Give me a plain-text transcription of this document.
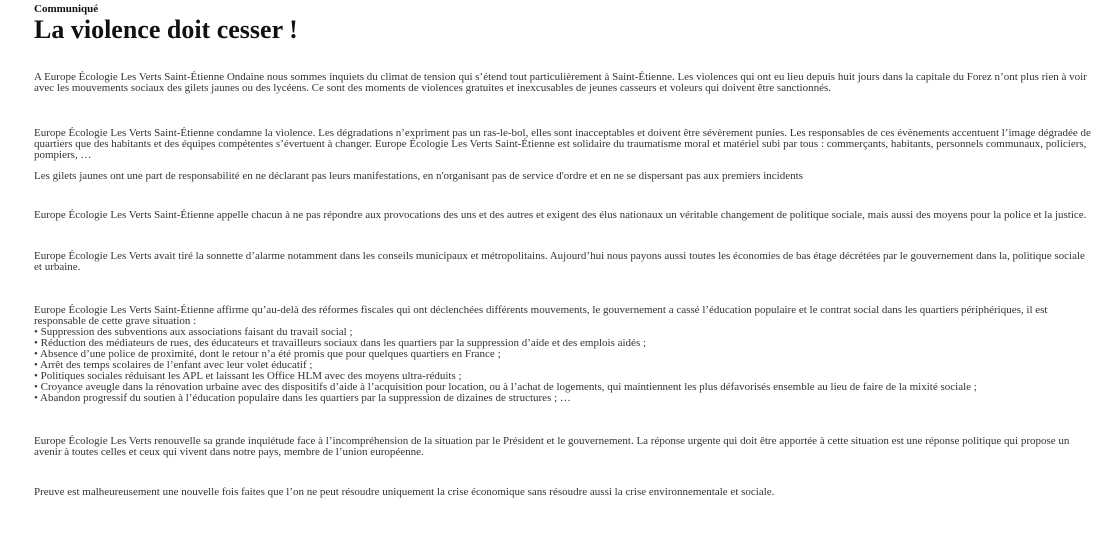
Communiqué

La violence doit cesser !

A Europe Écologie Les Verts Saint-Étienne Ondaine nous sommes inquiets du climat de tension qui s’étend tout particulièrement à Saint-Étienne. Les violences qui ont eu lieu depuis huit jours dans la capitale du Forez n’ont plus rien à voir avec les mouvements sociaux des gilets jaunes ou des lycéens. Ce sont des moments de violences gratuites et inexcusables de jeunes casseurs et voleurs qui doivent être sanctionnés.

Europe Écologie Les Verts Saint-Étienne condamne la violence. Les dégradations n’expriment pas un ras-le-bol, elles sont inacceptables et doivent être sévèrement punies. Les responsables de ces évènements accentuent l’image dégradée de quartiers que des habitants et des équipes compétentes s’évertuent à changer. Europe Écologie Les Verts Saint-Étienne est solidaire du traumatisme moral et matériel subi par tous : commerçants, habitants, personnels communaux, policiers, pompiers, …

Les gilets jaunes ont une part de responsabilité en ne déclarant pas leurs manifestations, en n'organisant pas de service d'ordre et en ne se dispersant pas aux premiers incidents

Europe Écologie Les Verts Saint-Étienne appelle chacun à ne pas répondre aux provocations des uns et des autres et exigent des élus nationaux un véritable changement de politique sociale, mais aussi des moyens pour la police et la justice.

Europe Écologie Les Verts avait tiré la sonnette d’alarme notamment dans les conseils municipaux et métropolitains. Aujourd’hui nous payons aussi toutes les économies de bas étage décrétées par le gouvernement dans la, politique sociale et urbaine.

Europe Écologie Les Verts Saint-Étienne affirme qu’au-delà des réformes fiscales qui ont déclenchées différents mouvements, le gouvernement a cassé l’éducation populaire et le contrat social dans les quartiers périphériques, il est responsable de cette grave situation :

• Suppression des subventions aux associations faisant du travail social ;
• Réduction des médiateurs de rues, des éducateurs et travailleurs sociaux dans les quartiers par la suppression d’aide et des emplois aidés ;
• Absence d’une police de proximité, dont le retour n’a été promis que pour quelques quartiers en France ;
• Arrêt des temps scolaires de l’enfant avec leur volet éducatif ;
• Politiques sociales réduisant les APL et laissant les Office HLM avec des moyens ultra-réduits ;
• Croyance aveugle dans la rénovation urbaine avec des dispositifs d’aide à l’acquisition pour location, ou à l’achat de logements, qui maintiennent les plus défavorisés ensemble au lieu de faire de la mixité sociale ;
• Abandon progressif du soutien à l’éducation populaire dans les quartiers par la suppression de dizaines de structures ; …

Europe Écologie Les Verts renouvelle sa grande inquiétude face à l’incompréhension de la situation par le Président et le gouvernement. La réponse urgente qui doit être apportée à cette situation est une réponse politique qui propose un avenir à toutes celles et ceux qui vivent dans notre pays, membre de l’union européenne.

Preuve est malheureusement une nouvelle fois faites que l’on ne peut résoudre uniquement la crise économique sans résoudre aussi la crise environnementale et sociale.
